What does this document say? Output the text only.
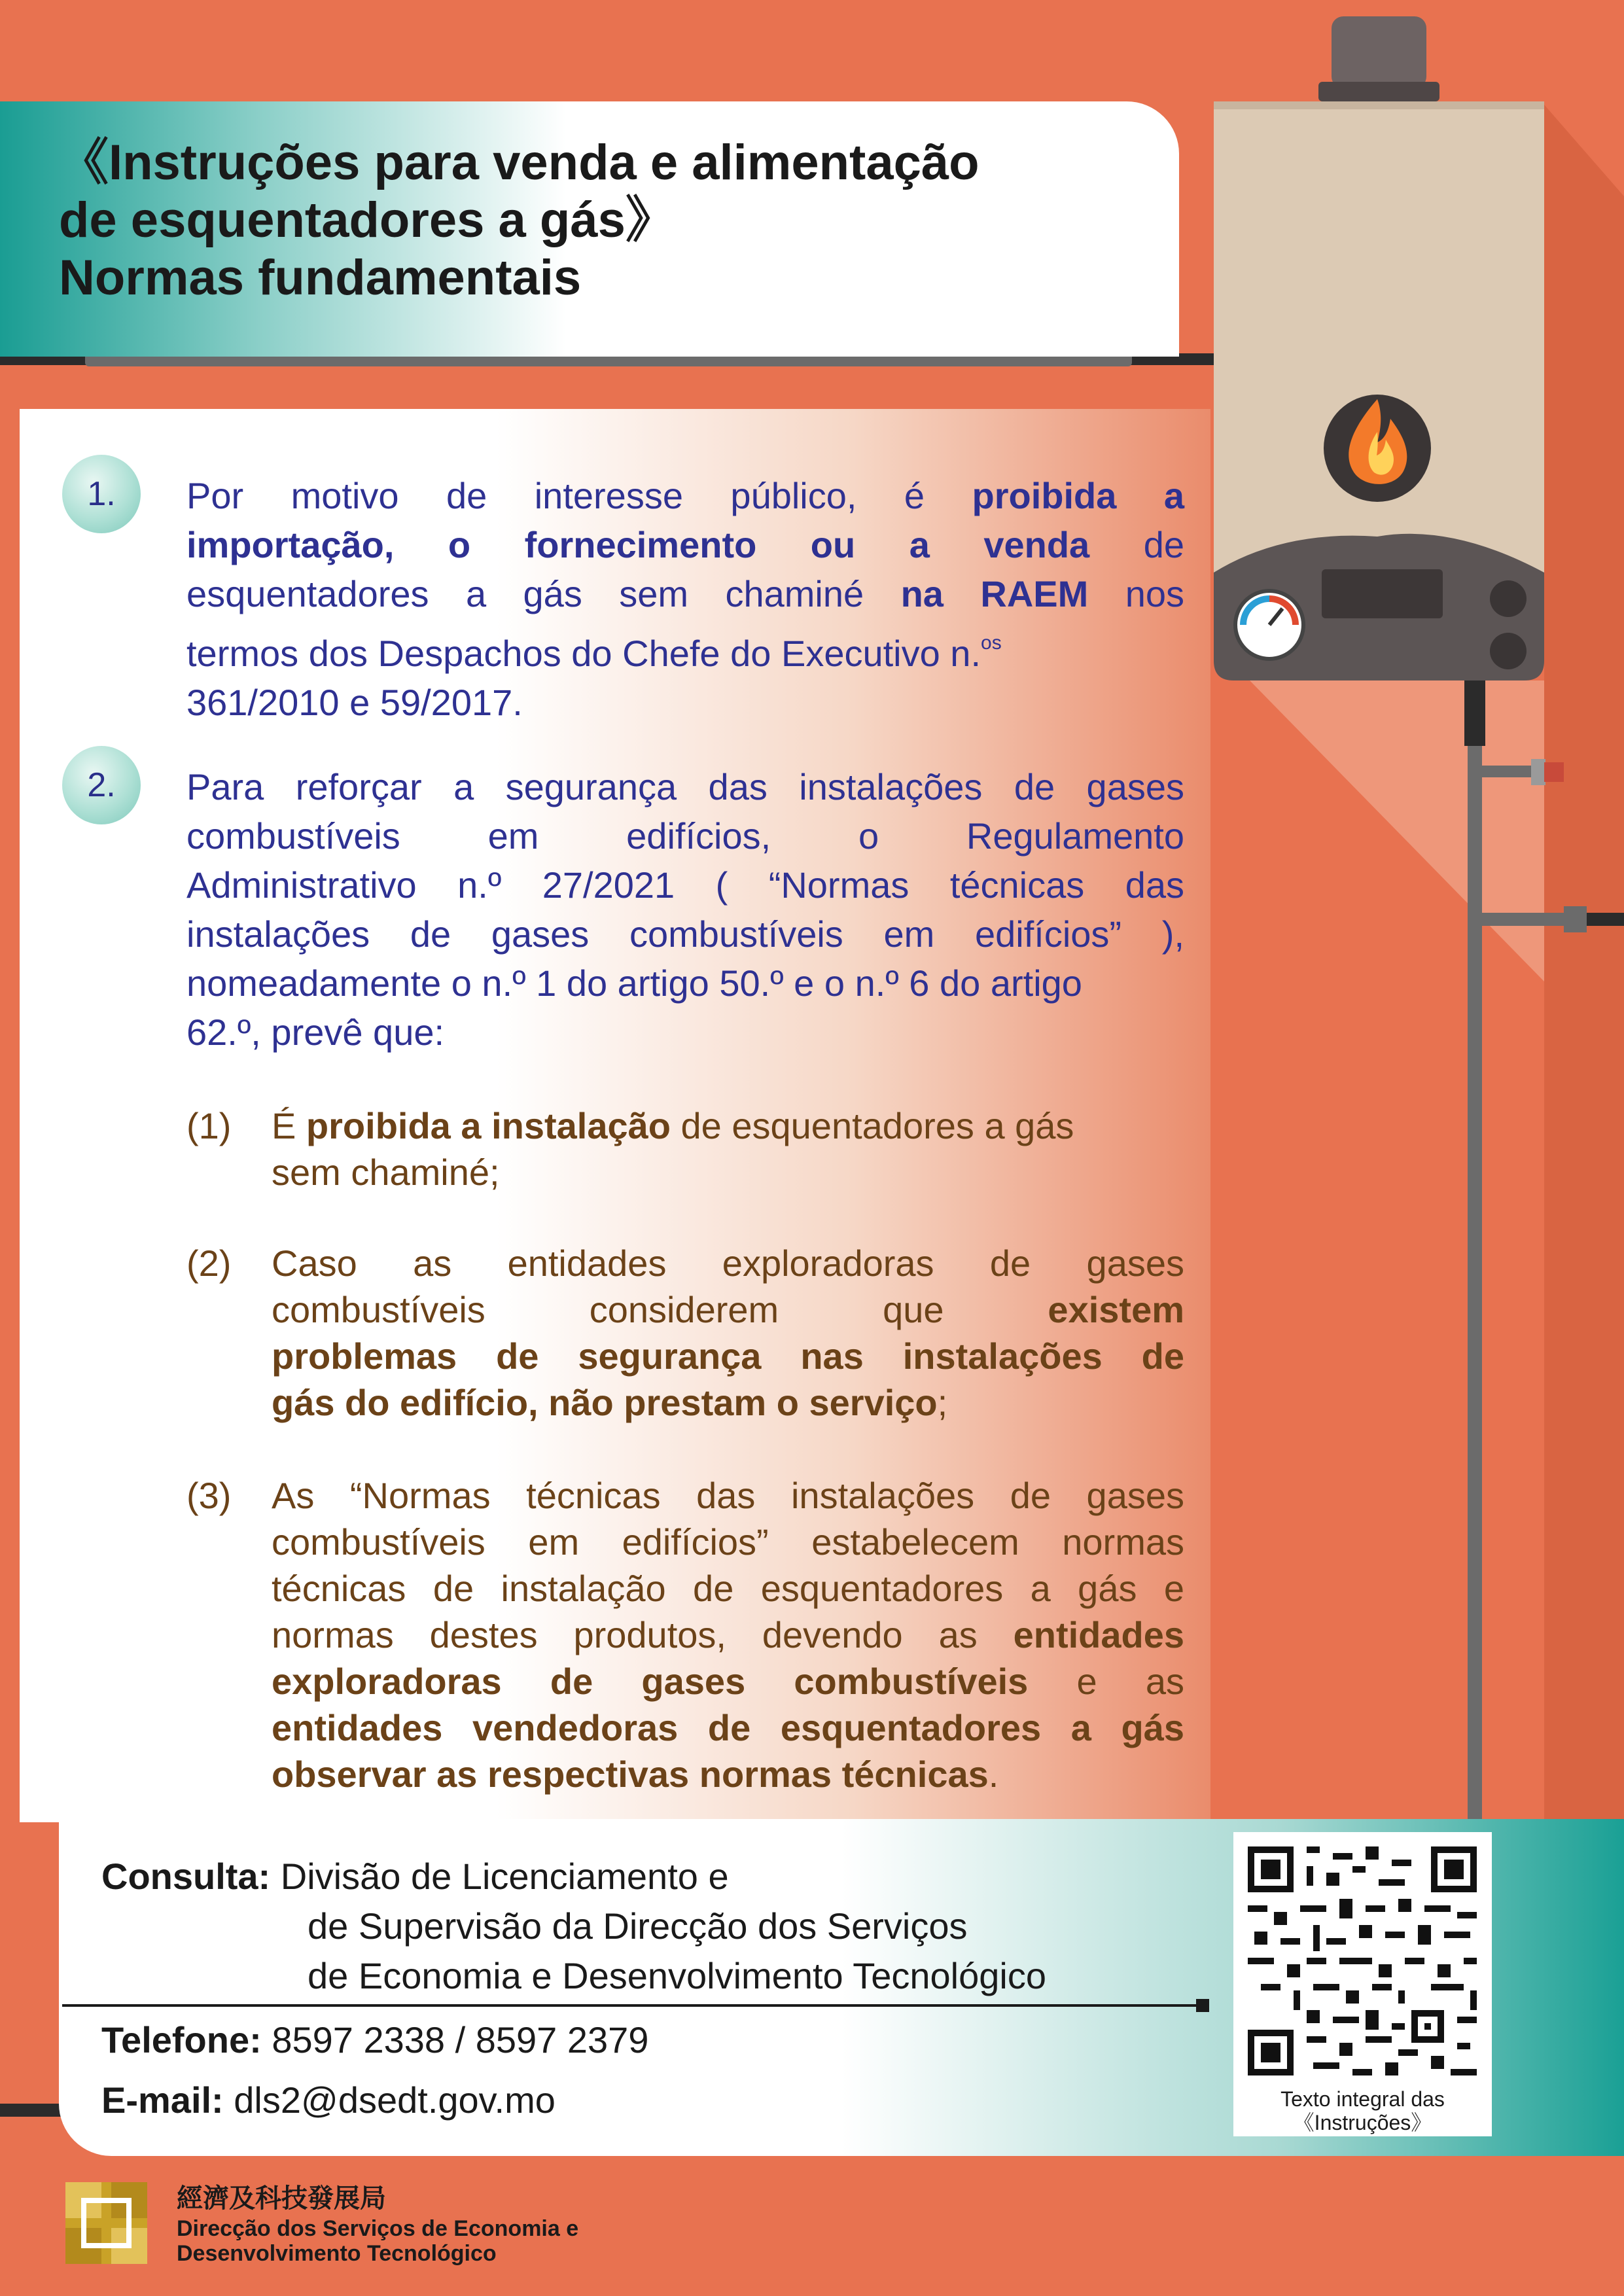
《Instruções para venda e alimentação
de esquentadores a gás》
Normas fundamentais
1.	Por motivo de interesse público, é proibida a
importação, o fornecimento ou a venda de
esquentadores a gás sem chaminé na RAEM nos
termos dos Despachos do Chefe do Executivo n.$^{os}$
361/2010 e 59/2017.
2.	Para reforçar a segurança das instalações de gases
combustíveis em edifícios, o Regulamento
Administrativo n.º 27/2021 ( “Normas técnicas das
instalações de gases combustíveis em edifícios” ),
nomeadamente o n.º 1 do artigo 50.º e o n.º 6 do artigo
62.º, prevê que:
(1) É proibida a instalação de esquentadores a gás
sem chaminé;
(2) Caso as entidades exploradoras de gases
combustíveis considerem que existem
problemas de segurança nas instalações de
gás do edifício, não prestam o serviço;
(3) As “Normas técnicas das instalações de gases
combustíveis em edifícios” estabelecem normas
técnicas de instalação de esquentadores a gás e
normas destes produtos, devendo as entidades
exploradoras de gases combustíveis e as
entidades vendedoras de esquentadores a gás
observar as respectivas normas técnicas.
Consulta: Divisão de Licenciamento e
de Supervisão da Direcção dos Serviços
de Economia e Desenvolvimento Tecnológico
Telefone: 8597 2338 / 8597 2379
E-mail: dls2@dsedt.gov.mo	Texto integral das
《Instruções》
經濟及科技發展局
Direcção dos Serviços de Economia e
Desenvolvimento Tecnológico
